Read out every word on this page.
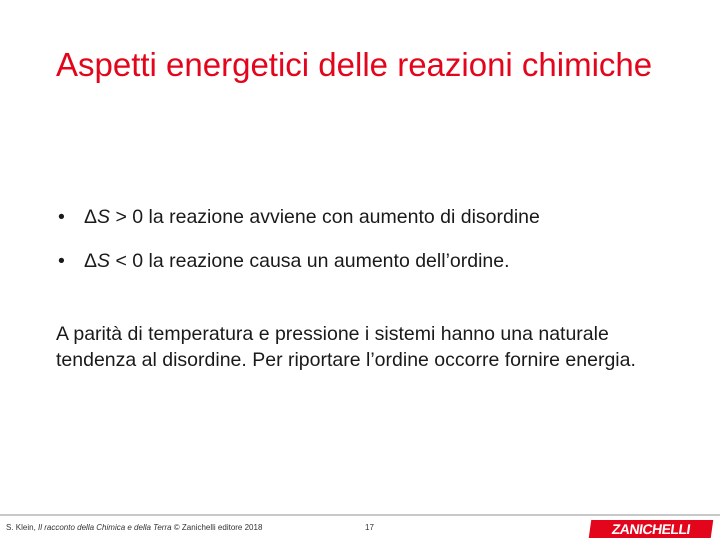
Aspetti energetici delle reazioni chimiche
• ΔS > 0 la reazione avviene con aumento di disordine
• ΔS < 0 la reazione causa un aumento dell’ordine.
A parità di temperatura e pressione i sistemi hanno una naturale tendenza al disordine. Per riportare l’ordine occorre fornire energia.
S. Klein, Il racconto della Chimica e della Terra © Zanichelli editore 2018	17	ZANICHELLI
